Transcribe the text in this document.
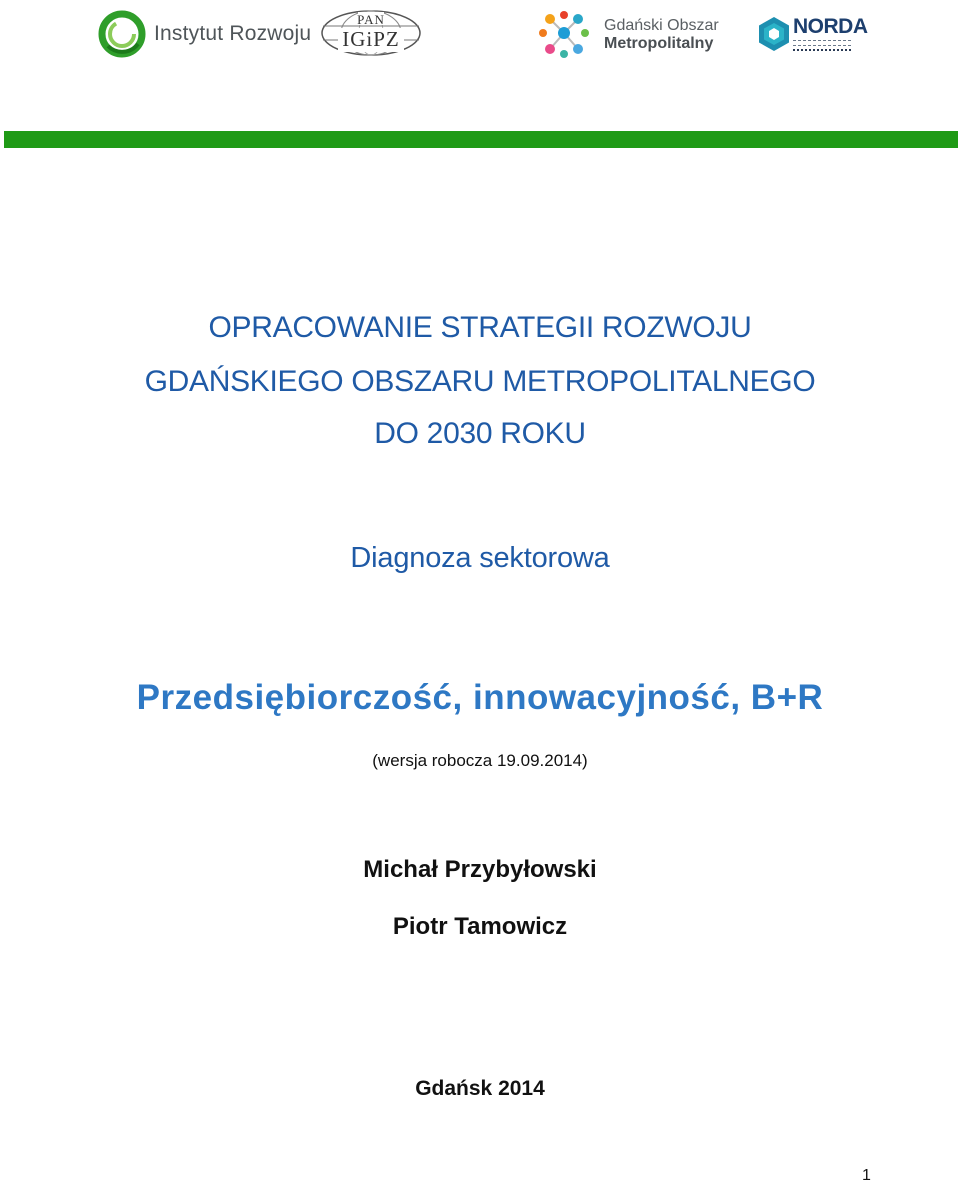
Instytut Rozwoju
PAN
IGiPZ
Gdański Obszar
Metropolitalny
NORDA
OPRACOWANIE STRATEGII ROZWOJU
GDAŃSKIEGO OBSZARU METROPOLITALNEGO
DO 2030 ROKU
Diagnoza sektorowa
Przedsiębiorczość, innowacyjność, B+R
(wersja robocza 19.09.2014)
Michał Przybyłowski
Piotr Tamowicz
Gdańsk 2014
1
